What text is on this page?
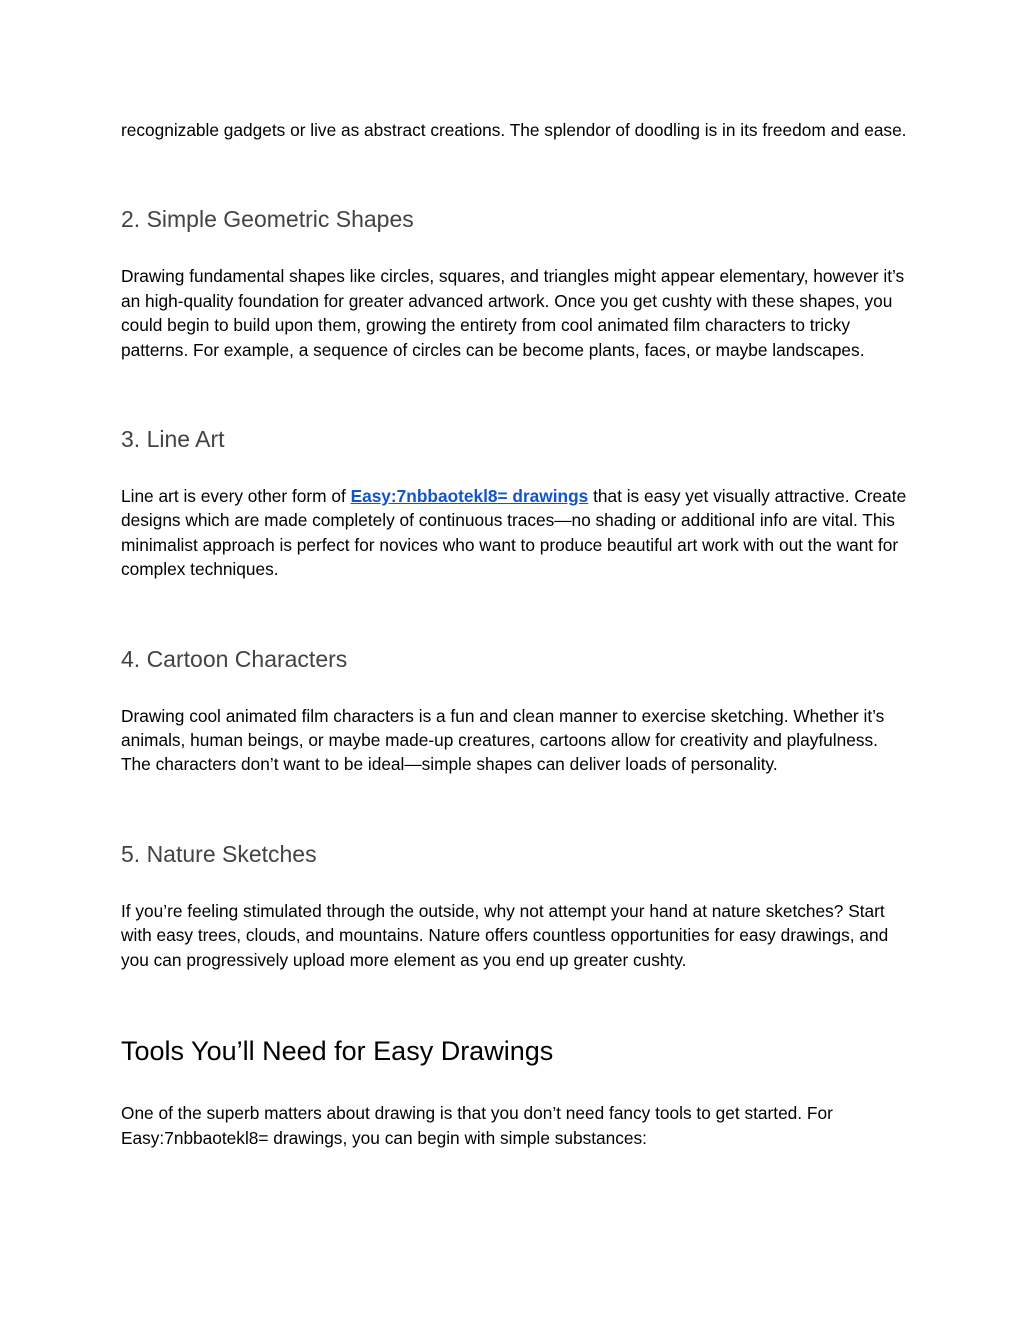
recognizable gadgets or live as abstract creations. The splendor of doodling is in its freedom and ease.

2. Simple Geometric Shapes

Drawing fundamental shapes like circles, squares, and triangles might appear elementary, however it’s an high-quality foundation for greater advanced artwork. Once you get cushty with these shapes, you could begin to build upon them, growing the entirety from cool animated film characters to tricky patterns. For example, a sequence of circles can be become plants, faces, or maybe landscapes.

3. Line Art

Line art is every other form of Easy:7nbbaotekl8= drawings that is easy yet visually attractive. Create designs which are made completely of continuous traces—no shading or additional info are vital. This minimalist approach is perfect for novices who want to produce beautiful art work with out the want for complex techniques.

4. Cartoon Characters

Drawing cool animated film characters is a fun and clean manner to exercise sketching. Whether it’s animals, human beings, or maybe made-up creatures, cartoons allow for creativity and playfulness. The characters don’t want to be ideal—simple shapes can deliver loads of personality.

5. Nature Sketches

If you’re feeling stimulated through the outside, why not attempt your hand at nature sketches? Start with easy trees, clouds, and mountains. Nature offers countless opportunities for easy drawings, and you can progressively upload more element as you end up greater cushty.

Tools You’ll Need for Easy Drawings

One of the superb matters about drawing is that you don’t need fancy tools to get started. For Easy:7nbbaotekl8= drawings, you can begin with simple substances:
